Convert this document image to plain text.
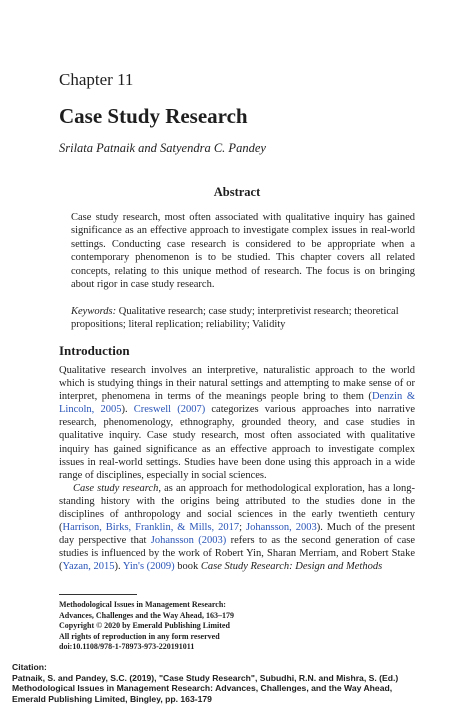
Chapter 11
Case Study Research
Srilata Patnaik and Satyendra C. Pandey
Abstract
Case study research, most often associated with qualitative inquiry has gained significance as an effective approach to investigate complex issues in real-world settings. Conducting case research is considered to be appropriate when a contemporary phenomenon is to be studied. This chapter covers all related concepts, relating to this unique method of research. The focus is on bringing about rigor in case study research.
Keywords: Qualitative research; case study; interpretivist research; theoretical propositions; literal replication; reliability; Validity
Introduction

Qualitative research involves an interpretive, naturalistic approach to the world which is studying things in their natural settings and attempting to make sense of or interpret, phenomena in terms of the meanings people bring to them (Denzin & Lincoln, 2005). Creswell (2007) categorizes various approaches into narrative research, phenomenology, ethnography, grounded theory, and case studies in qualitative inquiry. Case study research, most often associated with qualitative inquiry has gained significance as an effective approach to investigate complex issues in real-world settings. Studies have been done using this approach in a wide range of disciplines, especially in social sciences.

Case study research, as an approach for methodological exploration, has a long-standing history with the origins being attributed to the studies done in the disciplines of anthropology and social sciences in the early twentieth century (Harrison, Birks, Franklin, & Mills, 2017; Johansson, 2003). Much of the present day perspective that Johansson (2003) refers to as the second generation of case studies is influenced by the work of Robert Yin, Sharan Merriam, and Robert Stake (Yazan, 2015). Yin's (2009) book Case Study Research: Design and Methods

Methodological Issues in Management Research:
Advances, Challenges and the Way Ahead, 163–179
Copyright © 2020 by Emerald Publishing Limited
All rights of reproduction in any form reserved
doi:10.1108/978-1-78973-973-220191011
Citation:
Patnaik, S. and Pandey, S.C. (2019), "Case Study Research", Subudhi, R.N. and Mishra, S. (Ed.)
Methodological Issues in Management Research: Advances, Challenges, and the Way Ahead,
Emerald Publishing Limited, Bingley, pp. 163-179
